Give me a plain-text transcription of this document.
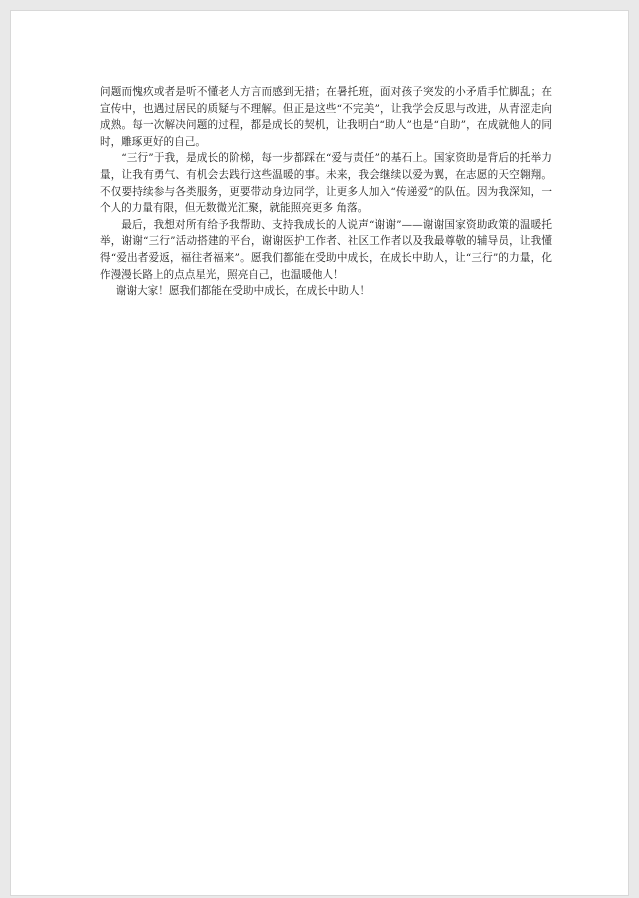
问题而愧疚或者是听不懂老人方言而感到无措；在暑托班，面对孩子突发的小矛盾手忙脚乱；在宣传中，也遇过居民的质疑与不理解。但正是这些“不完美”，让我学会反思与改进，从青涩走向成熟。每一次解决问题的过程，都是成长的契机，让我明白“助人”也是“自助”，在成就他人的同时，雕琢更好的自己。

“三行”于我，是成长的阶梯，每一步都踩在“爱与责任”的基石上。国家资助是背后的托举力量，让我有勇气、有机会去践行这些温暖的事。未来，我会继续以爱为翼，在志愿的天空翱翔。不仅要持续参与各类服务，更要带动身边同学，让更多人加入“传递爱”的队伍。因为我深知，一个人的力量有限，但无数微光汇聚，就能照亮更多 角落。

最后，我想对所有给予我帮助、支持我成长的人说声“谢谢”——谢谢国家资助政策的温暖托举，谢谢“三行”活动搭建的平台，谢谢医护工作者、社区工作者以及我最尊敬的辅导员，让我懂得“爱出者爱返，福往者福来”。愿我们都能在受助中成长，在成长中助人，让“三行”的力量，化作漫漫长路上的点点星光，照亮自己，也温暖他人！

谢谢大家！愿我们都能在受助中成长，在成长中助人！
